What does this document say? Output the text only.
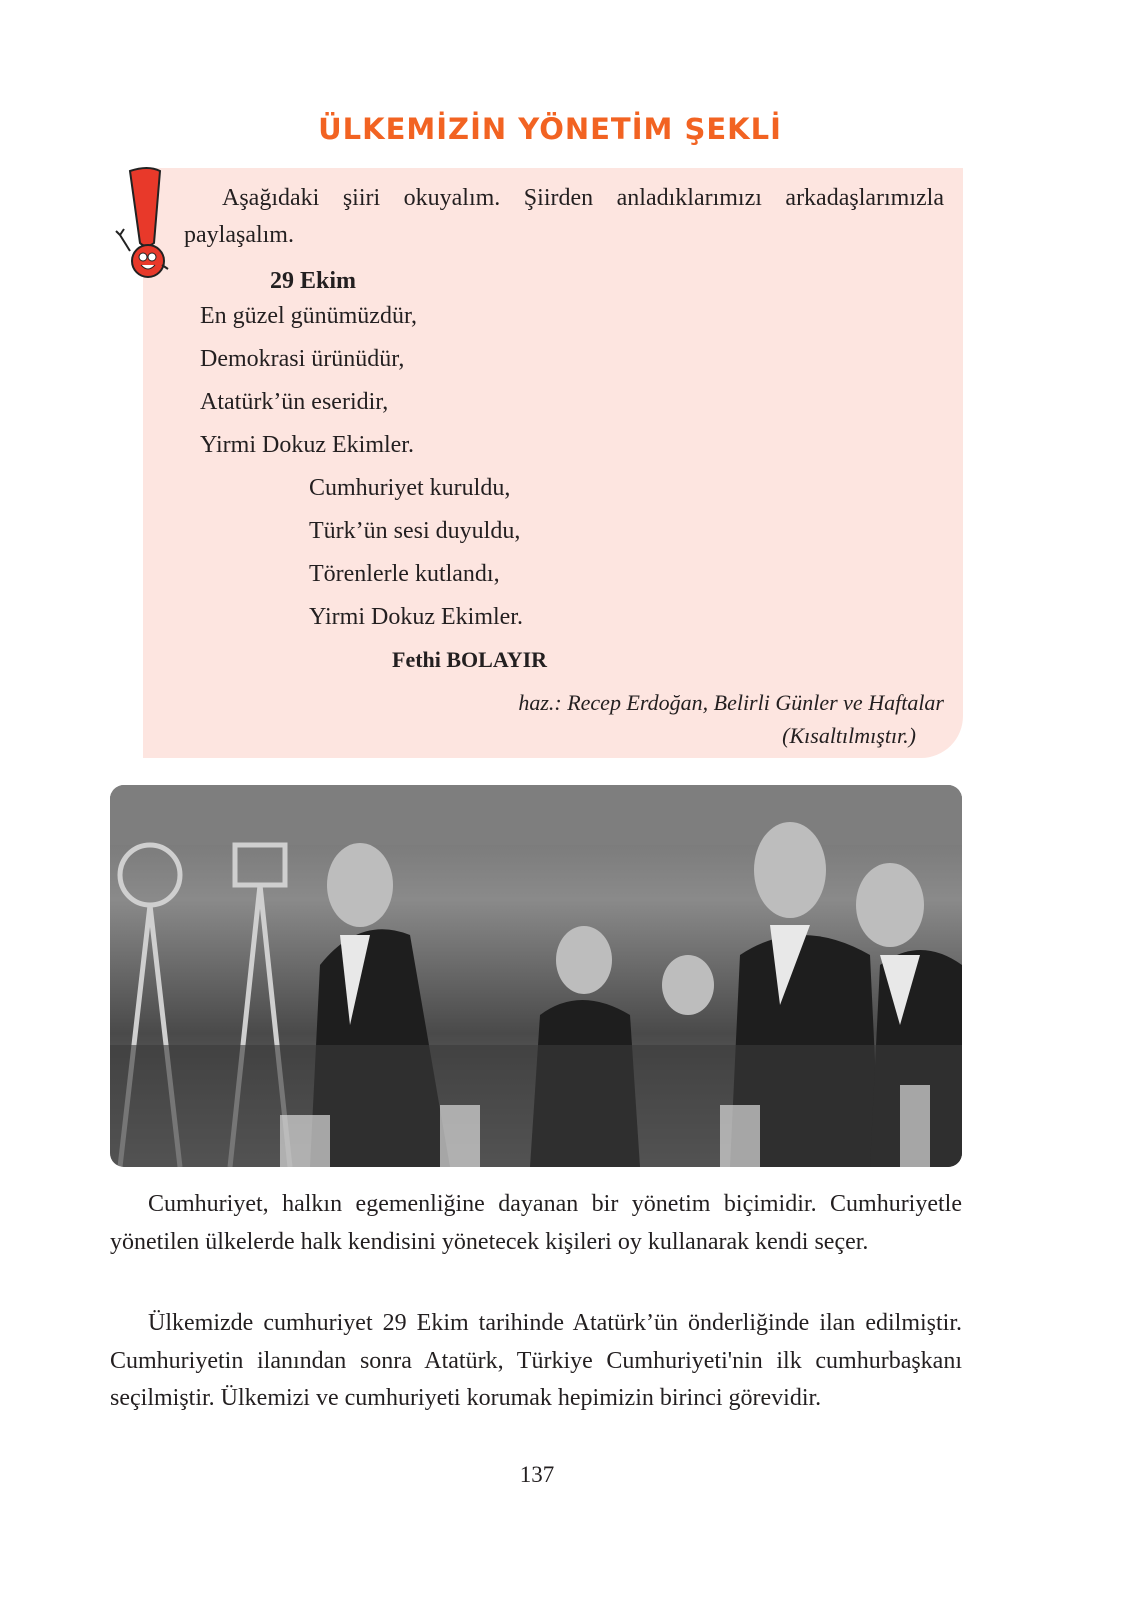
ÜLKEMİZİN YÖNETİM ŞEKLİ
Aşağıdaki şiiri okuyalım. Şiirden anladıklarımızı arkadaşlarımızla paylaşalım.
29 Ekim
En güzel günümüzdür,
Demokrasi ürünüdür,
Atatürk’ün eseridir,
Yirmi Dokuz Ekimler.
Cumhuriyet kuruldu,
Türk’ün sesi duyuldu,
Törenlerle kutlandı,
Yirmi Dokuz Ekimler.
Fethi BOLAYIR
haz.: Recep Erdoğan, Belirli Günler ve Haftalar
(Kısaltılmıştır.)
Cumhuriyet, halkın egemenliğine dayanan bir yönetim biçimidir. Cumhuriyetle yönetilen ülkelerde halk kendisini yönetecek kişileri oy kullanarak kendi seçer.
Ülkemizde cumhuriyet 29 Ekim tarihinde Atatürk’ün önderliğinde ilan edilmiştir. Cumhuriyetin ilanından sonra Atatürk, Türkiye Cumhuriyeti'nin ilk cumhurbaşkanı seçilmiştir. Ülkemizi ve cumhuriyeti korumak hepimizin birinci görevidir.
137
